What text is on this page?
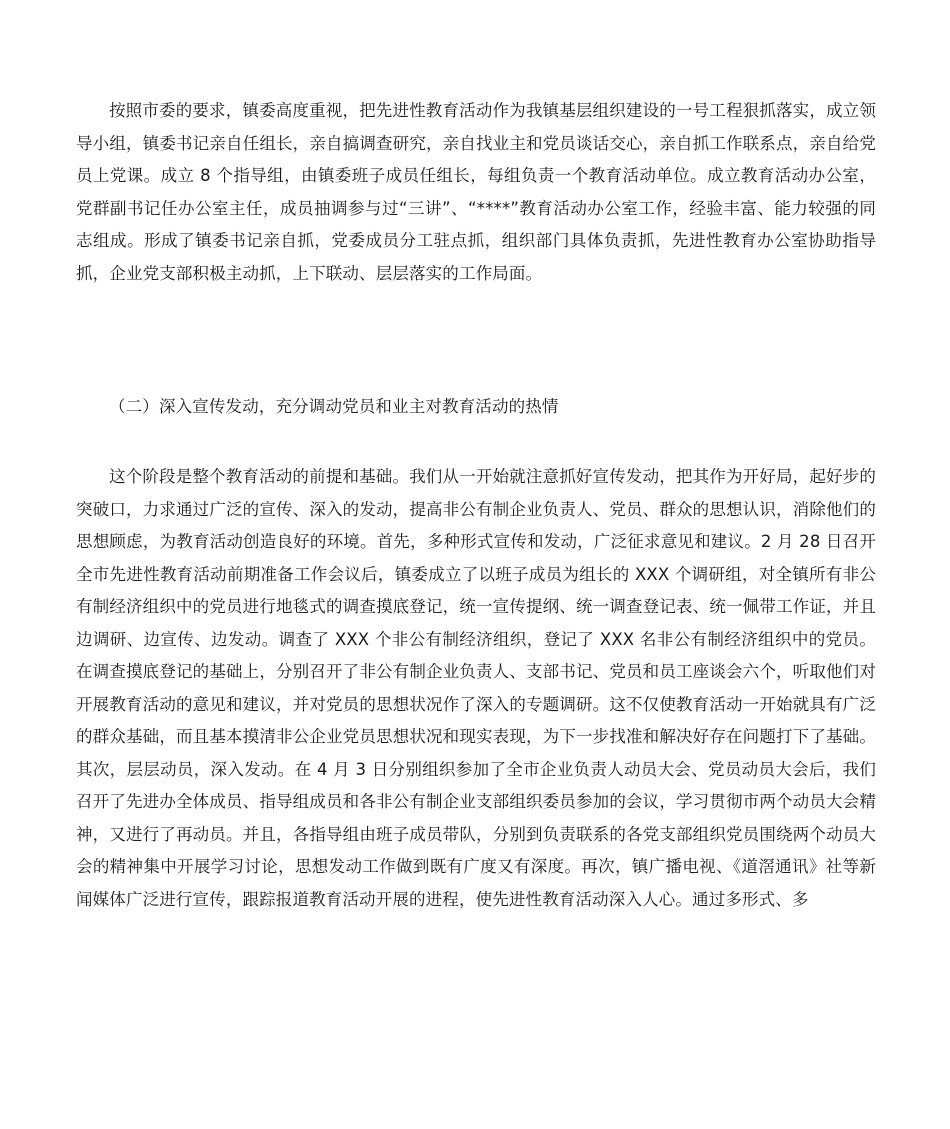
按照市委的要求，镇委高度重视，把先进性教育活动作为我镇基层组织建设的一号工程狠抓落实，成立领导小组，镇委书记亲自任组长，亲自搞调查研究，亲自找业主和党员谈话交心，亲自抓工作联系点，亲自给党员上党课。成立 8 个指导组，由镇委班子成员任组长，每组负责一个教育活动单位。成立教育活动办公室，党群副书记任办公室主任，成员抽调参与过“三讲”、“****”教育活动办公室工作，经验丰富、能力较强的同志组成。形成了镇委书记亲自抓，党委成员分工驻点抓，组织部门具体负责抓，先进性教育办公室协助指导抓，企业党支部积极主动抓，上下联动、层层落实的工作局面。

（二）深入宣传发动，充分调动党员和业主对教育活动的热情

这个阶段是整个教育活动的前提和基础。我们从一开始就注意抓好宣传发动，把其作为开好局，起好步的突破口，力求通过广泛的宣传、深入的发动，提高非公有制企业负责人、党员、群众的思想认识，消除他们的思想顾虑，为教育活动创造良好的环境。首先，多种形式宣传和发动，广泛征求意见和建议。2 月 28 日召开全市先进性教育活动前期准备工作会议后，镇委成立了以班子成员为组长的 XXX 个调研组，对全镇所有非公有制经济组织中的党员进行地毯式的调查摸底登记，统一宣传提纲、统一调查登记表、统一佩带工作证，并且边调研、边宣传、边发动。调查了 XXX 个非公有制经济组织，登记了 XXX 名非公有制经济组织中的党员。在调查摸底登记的基础上，分别召开了非公有制企业负责人、支部书记、党员和员工座谈会六个，听取他们对开展教育活动的意见和建议，并对党员的思想状况作了深入的专题调研。这不仅使教育活动一开始就具有广泛的群众基础，而且基本摸清非公企业党员思想状况和现实表现，为下一步找准和解决好存在问题打下了基础。其次，层层动员，深入发动。在 4 月 3 日分别组织参加了全市企业负责人动员大会、党员动员大会后，我们召开了先进办全体成员、指导组成员和各非公有制企业支部组织委员参加的会议，学习贯彻市两个动员大会精神，又进行了再动员。并且，各指导组由班子成员带队，分别到负责联系的各党支部组织党员围绕两个动员大会的精神集中开展学习讨论，思想发动工作做到既有广度又有深度。再次，镇广播电视、《道滘通讯》社等新闻媒体广泛进行宣传，跟踪报道教育活动开展的进程，使先进性教育活动深入人心。通过多形式、多
